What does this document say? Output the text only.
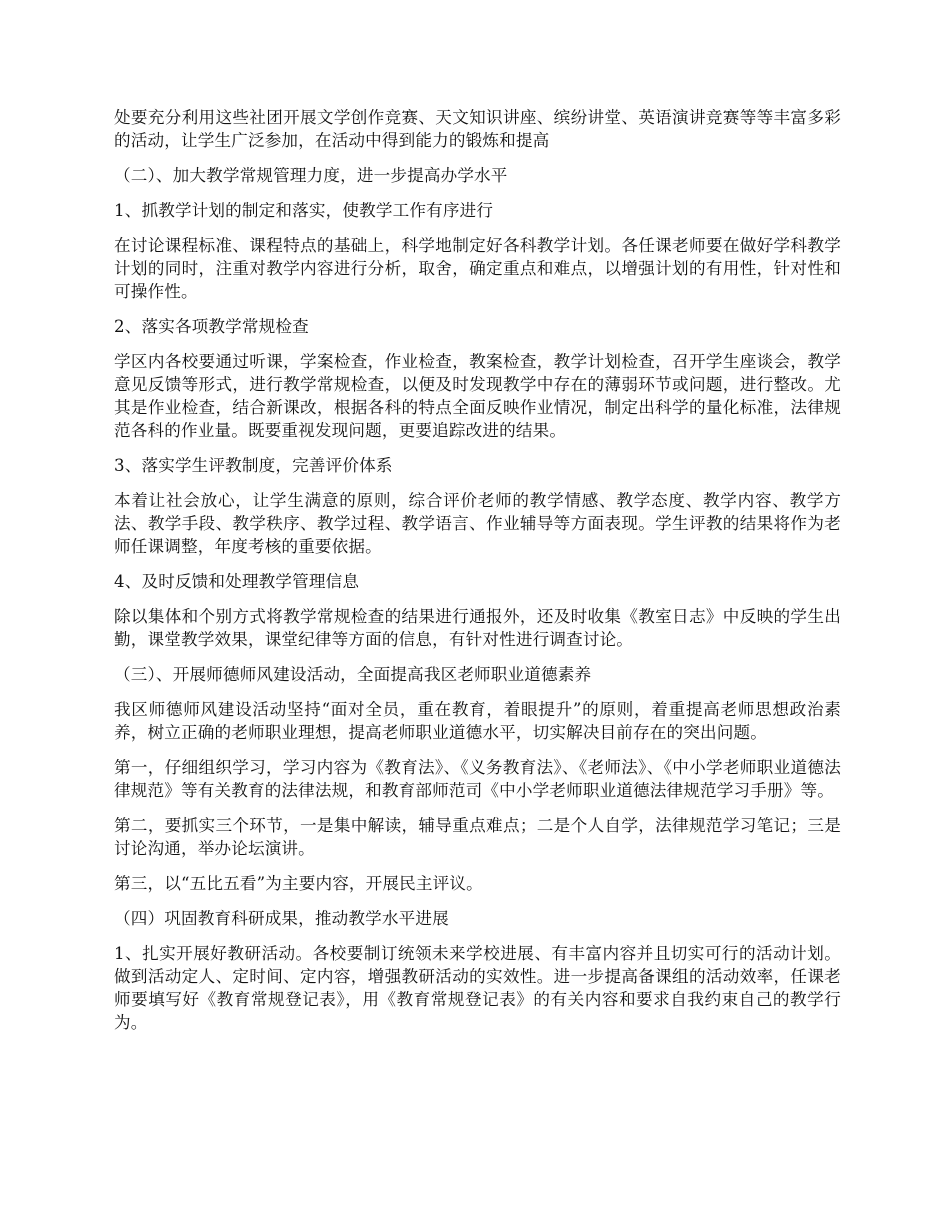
处要充分利用这些社团开展文学创作竞赛、天文知识讲座、缤纷讲堂、英语演讲竞赛等等丰富多彩的活动，让学生广泛参加，在活动中得到能力的锻炼和提高

（二）、加大教学常规管理力度，进一步提高办学水平

1、抓教学计划的制定和落实，使教学工作有序进行

在讨论课程标准、课程特点的基础上，科学地制定好各科教学计划。各任课老师要在做好学科教学计划的同时，注重对教学内容进行分析，取舍，确定重点和难点，以增强计划的有用性，针对性和可操作性。

2、落实各项教学常规检查

学区内各校要通过听课，学案检查，作业检查，教案检查，教学计划检查，召开学生座谈会，教学意见反馈等形式，进行教学常规检查，以便及时发现教学中存在的薄弱环节或问题，进行整改。尤其是作业检查，结合新课改，根据各科的特点全面反映作业情况，制定出科学的量化标准，法律规范各科的作业量。既要重视发现问题，更要追踪改进的结果。

3、落实学生评教制度，完善评价体系

本着让社会放心，让学生满意的原则，综合评价老师的教学情感、教学态度、教学内容、教学方法、教学手段、教学秩序、教学过程、教学语言、作业辅导等方面表现。学生评教的结果将作为老师任课调整，年度考核的重要依据。

4、及时反馈和处理教学管理信息

除以集体和个别方式将教学常规检查的结果进行通报外，还及时收集《教室日志》中反映的学生出勤，课堂教学效果，课堂纪律等方面的信息，有针对性进行调查讨论。

（三）、开展师德师风建设活动，全面提高我区老师职业道德素养

我区师德师风建设活动坚持“面对全员，重在教育，着眼提升”的原则，着重提高老师思想政治素养，树立正确的老师职业理想，提高老师职业道德水平，切实解决目前存在的突出问题。

第一，仔细组织学习，学习内容为《教育法》、《义务教育法》、《老师法》、《中小学老师职业道德法律规范》等有关教育的法律法规，和教育部师范司《中小学老师职业道德法律规范学习手册》等。

第二，要抓实三个环节，一是集中解读，辅导重点难点；二是个人自学，法律规范学习笔记；三是讨论沟通，举办论坛演讲。

第三，以“五比五看”为主要内容，开展民主评议。

（四）巩固教育科研成果，推动教学水平进展

1、扎实开展好教研活动。各校要制订统领未来学校进展、有丰富内容并且切实可行的活动计划。做到活动定人、定时间、定内容，增强教研活动的实效性。进一步提高备课组的活动效率，任课老师要填写好《教育常规登记表》，用《教育常规登记表》的有关内容和要求自我约束自己的教学行为。
